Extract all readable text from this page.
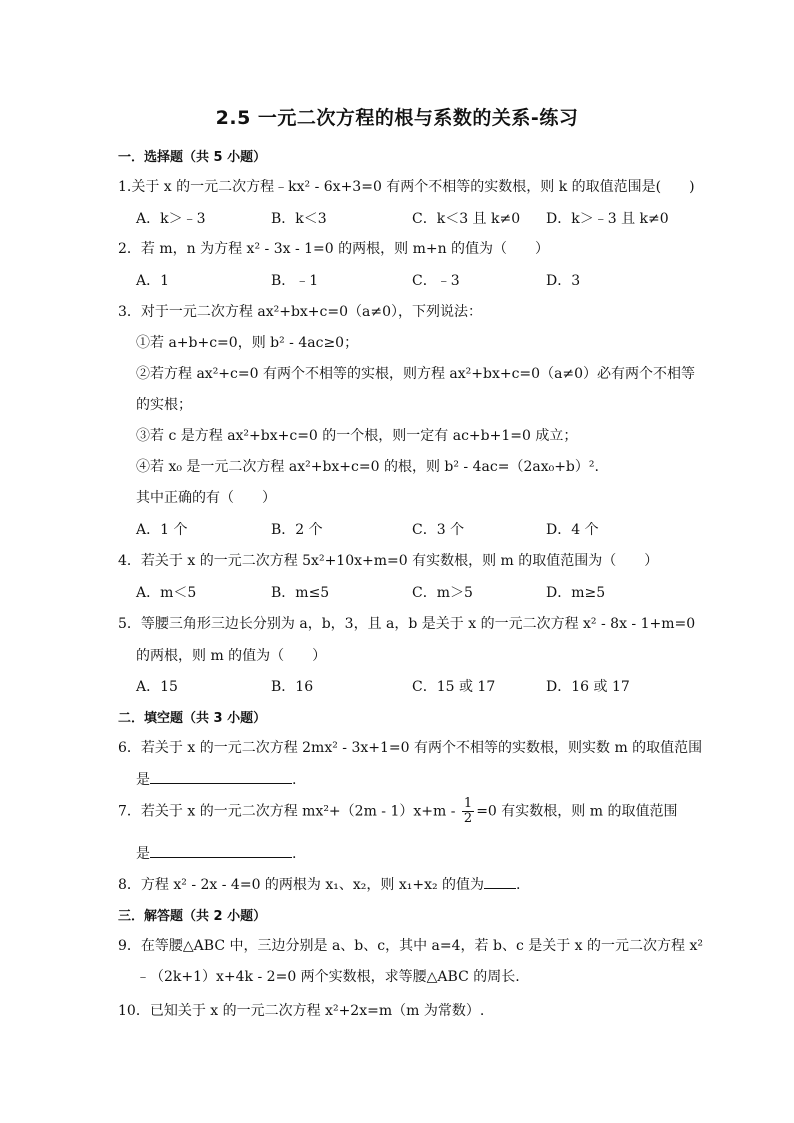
2.5 一元二次方程的根与系数的关系-练习
一．选择题（共 5 小题）
1.关于 x 的一元二次方程﹣kx² - 6x+3=0 有两个不相等的实数根，则 k 的取值范围是(　　)
A．k＞﹣3	B．k＜3	C．k＜3 且 k≠0 D．k＞﹣3 且 k≠0
2．若 m，n 为方程 x² - 3x - 1=0 的两根，则 m+n 的值为（　　）
A．1	B．﹣1	C．﹣3	D．3
3．对于一元二次方程 ax²+bx+c=0（a≠0），下列说法：
①若 a+b+c=0，则 b² - 4ac≥0；
②若方程 ax²+c=0 有两个不相等的实根，则方程 ax²+bx+c=0（a≠0）必有两个不相等
的实根；
③若 c 是方程 ax²+bx+c=0 的一个根，则一定有 ac+b+1=0 成立；
④若 x₀ 是一元二次方程 ax²+bx+c=0 的根，则 b² - 4ac=（2ax₀+b）².
其中正确的有（　　）
A．1 个	B．2 个	C．3 个	D．4 个
4．若关于 x 的一元二次方程 5x²+10x+m=0 有实数根，则 m 的取值范围为（　　）
A．m＜5	B．m≤5	C．m＞5	D．m≥5
5．等腰三角形三边长分别为 a，b，3，且 a，b 是关于 x 的一元二次方程 x² - 8x - 1+m=0
的两根，则 m 的值为（　　）
A．15	B．16	C．15 或 17	D．16 或 17
二．填空题（共 3 小题）
6．若关于 x 的一元二次方程 2mx² - 3x+1=0 有两个不相等的实数根，则实数 m 的取值范围
是	.
7．若关于 x 的一元二次方程 $mx^2+(2m - 1)x+m - \frac{1}{2} =0$ 有实数根，则 m 的取值范围
是	.
8．方程 x² - 2x - 4=0 的两根为 x₁、x₂，则 x₁+x₂ 的值为 .
三．解答题（共 2 小题）
9．在等腰△ABC 中，三边分别是 a、b、c，其中 a=4，若 b、c 是关于 x 的一元二次方程 x²
﹣（2k+1）x+4k - 2=0 两个实数根，求等腰△ABC 的周长.
10．已知关于 x 的一元二次方程 x²+2x=m（m 为常数）.
